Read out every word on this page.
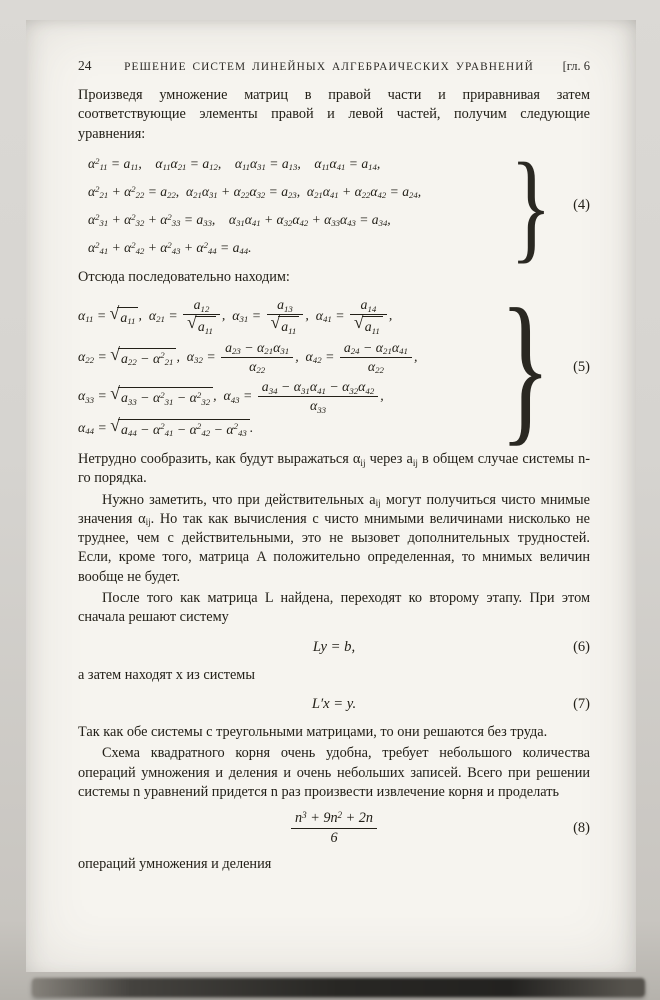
24	РЕШЕНИЕ СИСТЕМ ЛИНЕЙНЫХ АЛГЕБРАИЧЕСКИХ УРАВНЕНИЙ	[гл. 6

Произведя умножение матриц в правой части и приравнивая затем соответствующие элементы правой и левой частей, получим следующие уравнения:

$\alpha^2_{11} = a_{11}$, $\alpha_{11}\alpha_{21} = a_{12}$, $\alpha_{11}\alpha_{31} = a_{13}$, $\alpha_{11}\alpha_{41} = a_{14}$,
$\alpha^2_{21} + \alpha^2_{22} = a_{22}$, $\alpha_{21}\alpha_{31} + \alpha_{22}\alpha_{32} = a_{23}$, $\alpha_{21}\alpha_{41} + \alpha_{22}\alpha_{42} = a_{24}$,
$\alpha^2_{31} + \alpha^2_{32} + \alpha^2_{33} = a_{33}$, $\alpha_{31}\alpha_{41} + \alpha_{32}\alpha_{42} + \alpha_{33}\alpha_{43} = a_{34}$,
$\alpha^2_{41} + \alpha^2_{42} + \alpha^2_{43} + \alpha^2_{44} = a_{44}$.	}	(4)

Отсюда последовательно находим:

$\alpha_{11}$ = √ $a_{11}$ , $\alpha_{21} = \frac{a_{12}}{√ a_{11}}$ , $\alpha_{31} = \frac{a_{13}}{√ a_{11}}$ , $\alpha_{41} = \frac{a_{14}}{√ a_{11}}$ ,
$\alpha_{22}$ = √ $a_{22} - \alpha^2_{21}$ , $\alpha_{32} = \frac{a_{23} - \alpha_{21}\alpha_{31}}{\alpha_{22}}$ , $\alpha_{42} = \frac{a_{24} - \alpha_{21}\alpha_{41}}{\alpha_{22}}$ ,
$\alpha_{33}$ = √ $a_{33} - \alpha^2_{31} - \alpha^2_{32}$ , $\alpha_{43} = \frac{a_{34} - \alpha_{31}\alpha_{41} - \alpha_{32}\alpha_{42}}{\alpha_{33}}$ ,
$\alpha_{44}$ = √ $a_{44} - \alpha^2_{41} - \alpha^2_{42} - \alpha^2_{43}$ .	}	(5)

Нетрудно сообразить, как будут выражаться $\alpha_{ij}$ через $a_{ij}$ в общем случае системы n-го порядка.

Нужно заметить, что при действительных $a_{ij}$ могут получиться чисто мнимые значения $\alpha_{ij}$. Но так как вычисления с чисто мнимыми величинами нисколько не труднее, чем с действительными, это не вызовет дополнительных трудностей. Если, кроме того, матрица A положительно определенная, то мнимых величин вообще не будет.

После того как матрица L найдена, переходят ко второму этапу. При этом сначала решают систему

Ly = b,	(6)

а затем находят x из системы

L′x = y.	(7)

Так как обе системы с треугольными матрицами, то они решаются без труда.

Схема квадратного корня очень удобна, требует небольшого количества операций умножения и деления и очень небольших записей. Всего при решении системы n уравнений придется n раз произвести извлечение корня и проделать

$\frac{n^3 + 9n^2 + 2n}{6}$	(8)

операций умножения и деления
